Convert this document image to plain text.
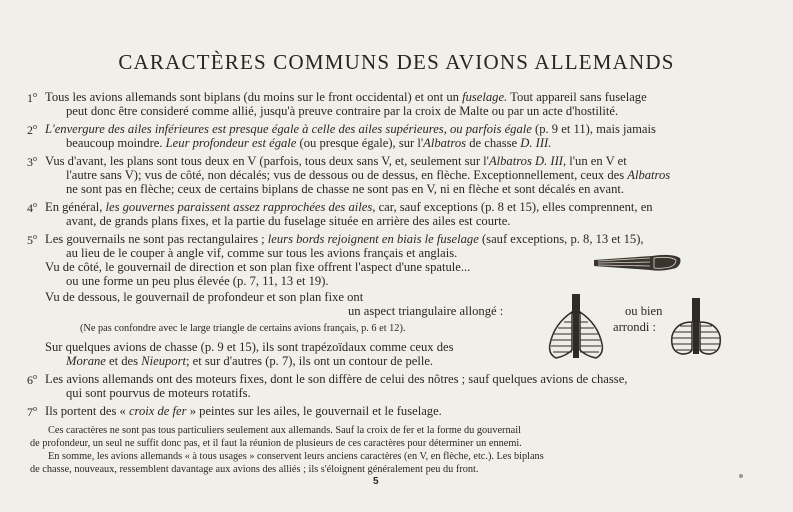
CARACTÈRES COMMUNS DES AVIONS ALLEMANDS
1$^o$ Tous les avions allemands sont biplans (du moins sur le front occidental) et ont un fuselage. Tout appareil sans fuselage
peut donc être consideré comme allié, jusqu'à preuve contraire par la croix de Malte ou par un acte d'hostilité.
2$^o$ L'envergure des ailes inférieures est presque égale à celle des ailes supérieures, ou parfois égale (p. 9 et 11), mais jamais
beaucoup moindre. Leur profondeur est égale (ou presque égale), sur l'Albatros de chasse D. III.
3$^o$ Vus d'avant, les plans sont tous deux en V (parfois, tous deux sans V, et, seulement sur l'Albatros D. III, l'un en V et
l'autre sans V); vus de côté, non décalés; vus de dessous ou de dessus, en flèche. Exceptionnellement, ceux des Albatros
ne sont pas en flèche; ceux de certains biplans de chasse ne sont pas en V, ni en flèche et sont décalés en avant.
4$^o$ En général, les gouvernes paraissent assez rapprochées des ailes, car, sauf exceptions (p. 8 et 15), elles comprennent, en
avant, de grands plans fixes, et la partie du fuselage située en arrière des ailes est courte.
5$^o$ Les gouvernails ne sont pas rectangulaires ; leurs bords rejoignent en biais le fuselage (sauf exceptions, p. 8, 13 et 15),
au lieu de le couper à angle vif, comme sur tous les avions français et anglais.
Vu de côté, le gouvernail de direction et son plan fixe offrent l'aspect d'une spatule...
ou une forme un peu plus élevée (p. 7, 11, 13 et 19).
Vu de dessous, le gouvernail de profondeur et son plan fixe ont
un aspect triangulaire allongé :	ou bien
arrondi :
(Ne pas confondre avec le large triangle de certains avions français, p. 6 et 12).
Sur quelques avions de chasse (p. 9 et 15), ils sont trapézoïdaux comme ceux des
Morane et des Nieuport; et sur d'autres (p. 7), ils ont un contour de pelle.
6$^o$ Les avions allemands ont des moteurs fixes, dont le son diffère de celui des nôtres ; sauf quelques avions de chasse,
qui sont pourvus de moteurs rotatifs.
7$^o$ Ils portent des « croix de fer » peintes sur les ailes, le gouvernail et le fuselage.
Ces caractères ne sont pas tous particuliers seulement aux allemands. Sauf la croix de fer et la forme du gouvernail
de profondeur, un seul ne suffit donc pas, et il faut la réunion de plusieurs de ces caractères pour déterminer un ennemi.
En somme, les avions allemands « à tous usages » conservent leurs anciens caractères (en V, en flèche, etc.). Les biplans
de chasse, nouveaux, ressemblent davantage aux avions des alliés ; ils s'éloignent généralement peu du front.
5
